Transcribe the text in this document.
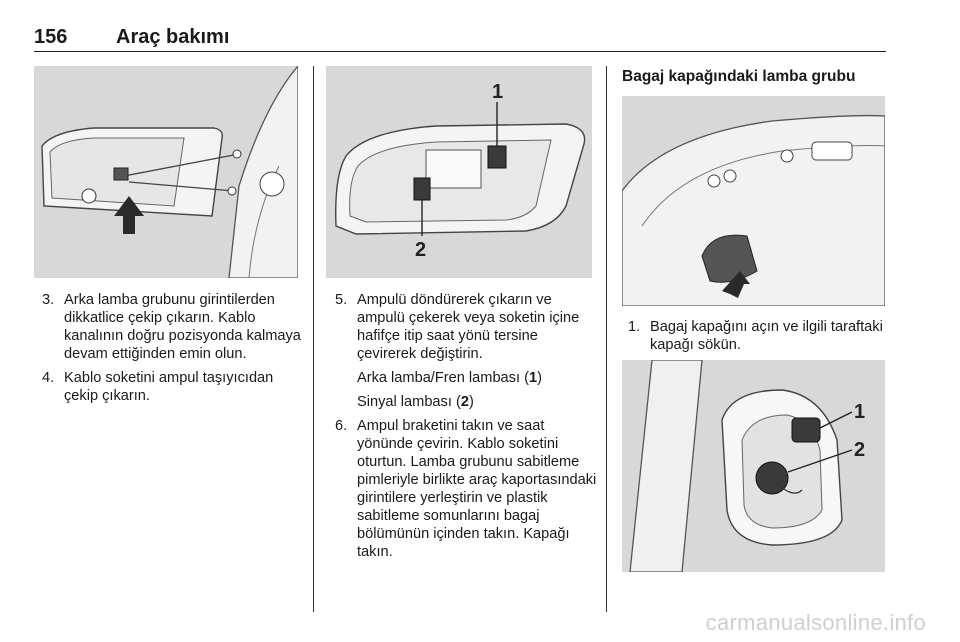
156 Araç bakımı
3. Arka lamba grubunu girintilerden dikkatlice çekip çıkarın. Kablo kanalının doğru pozisyonda kalmaya devam ettiğinden emin olun.
4. Kablo soketini ampul taşıyıcıdan çekip çıkarın.
1
2
5. Ampulü döndürerek çıkarın ve ampulü çekerek veya soketin içine hafifçe itip saat yönü tersine çevirerek değiştirin.
Arka lamba/Fren lambası (1)
Sinyal lambası (2)
6. Ampul braketini takın ve saat yönünde çevirin. Kablo soketini oturtun. Lamba grubunu sabitleme pimleriyle birlikte araç kaportasındaki girintilere yerleştirin ve plastik sabitleme somunlarını bagaj bölümünün içinden takın. Kapağı takın.
Bagaj kapağındaki lamba grubu
1. Bagaj kapağını açın ve ilgili taraftaki kapağı sökün.
1
2
carmanualsonline.info
